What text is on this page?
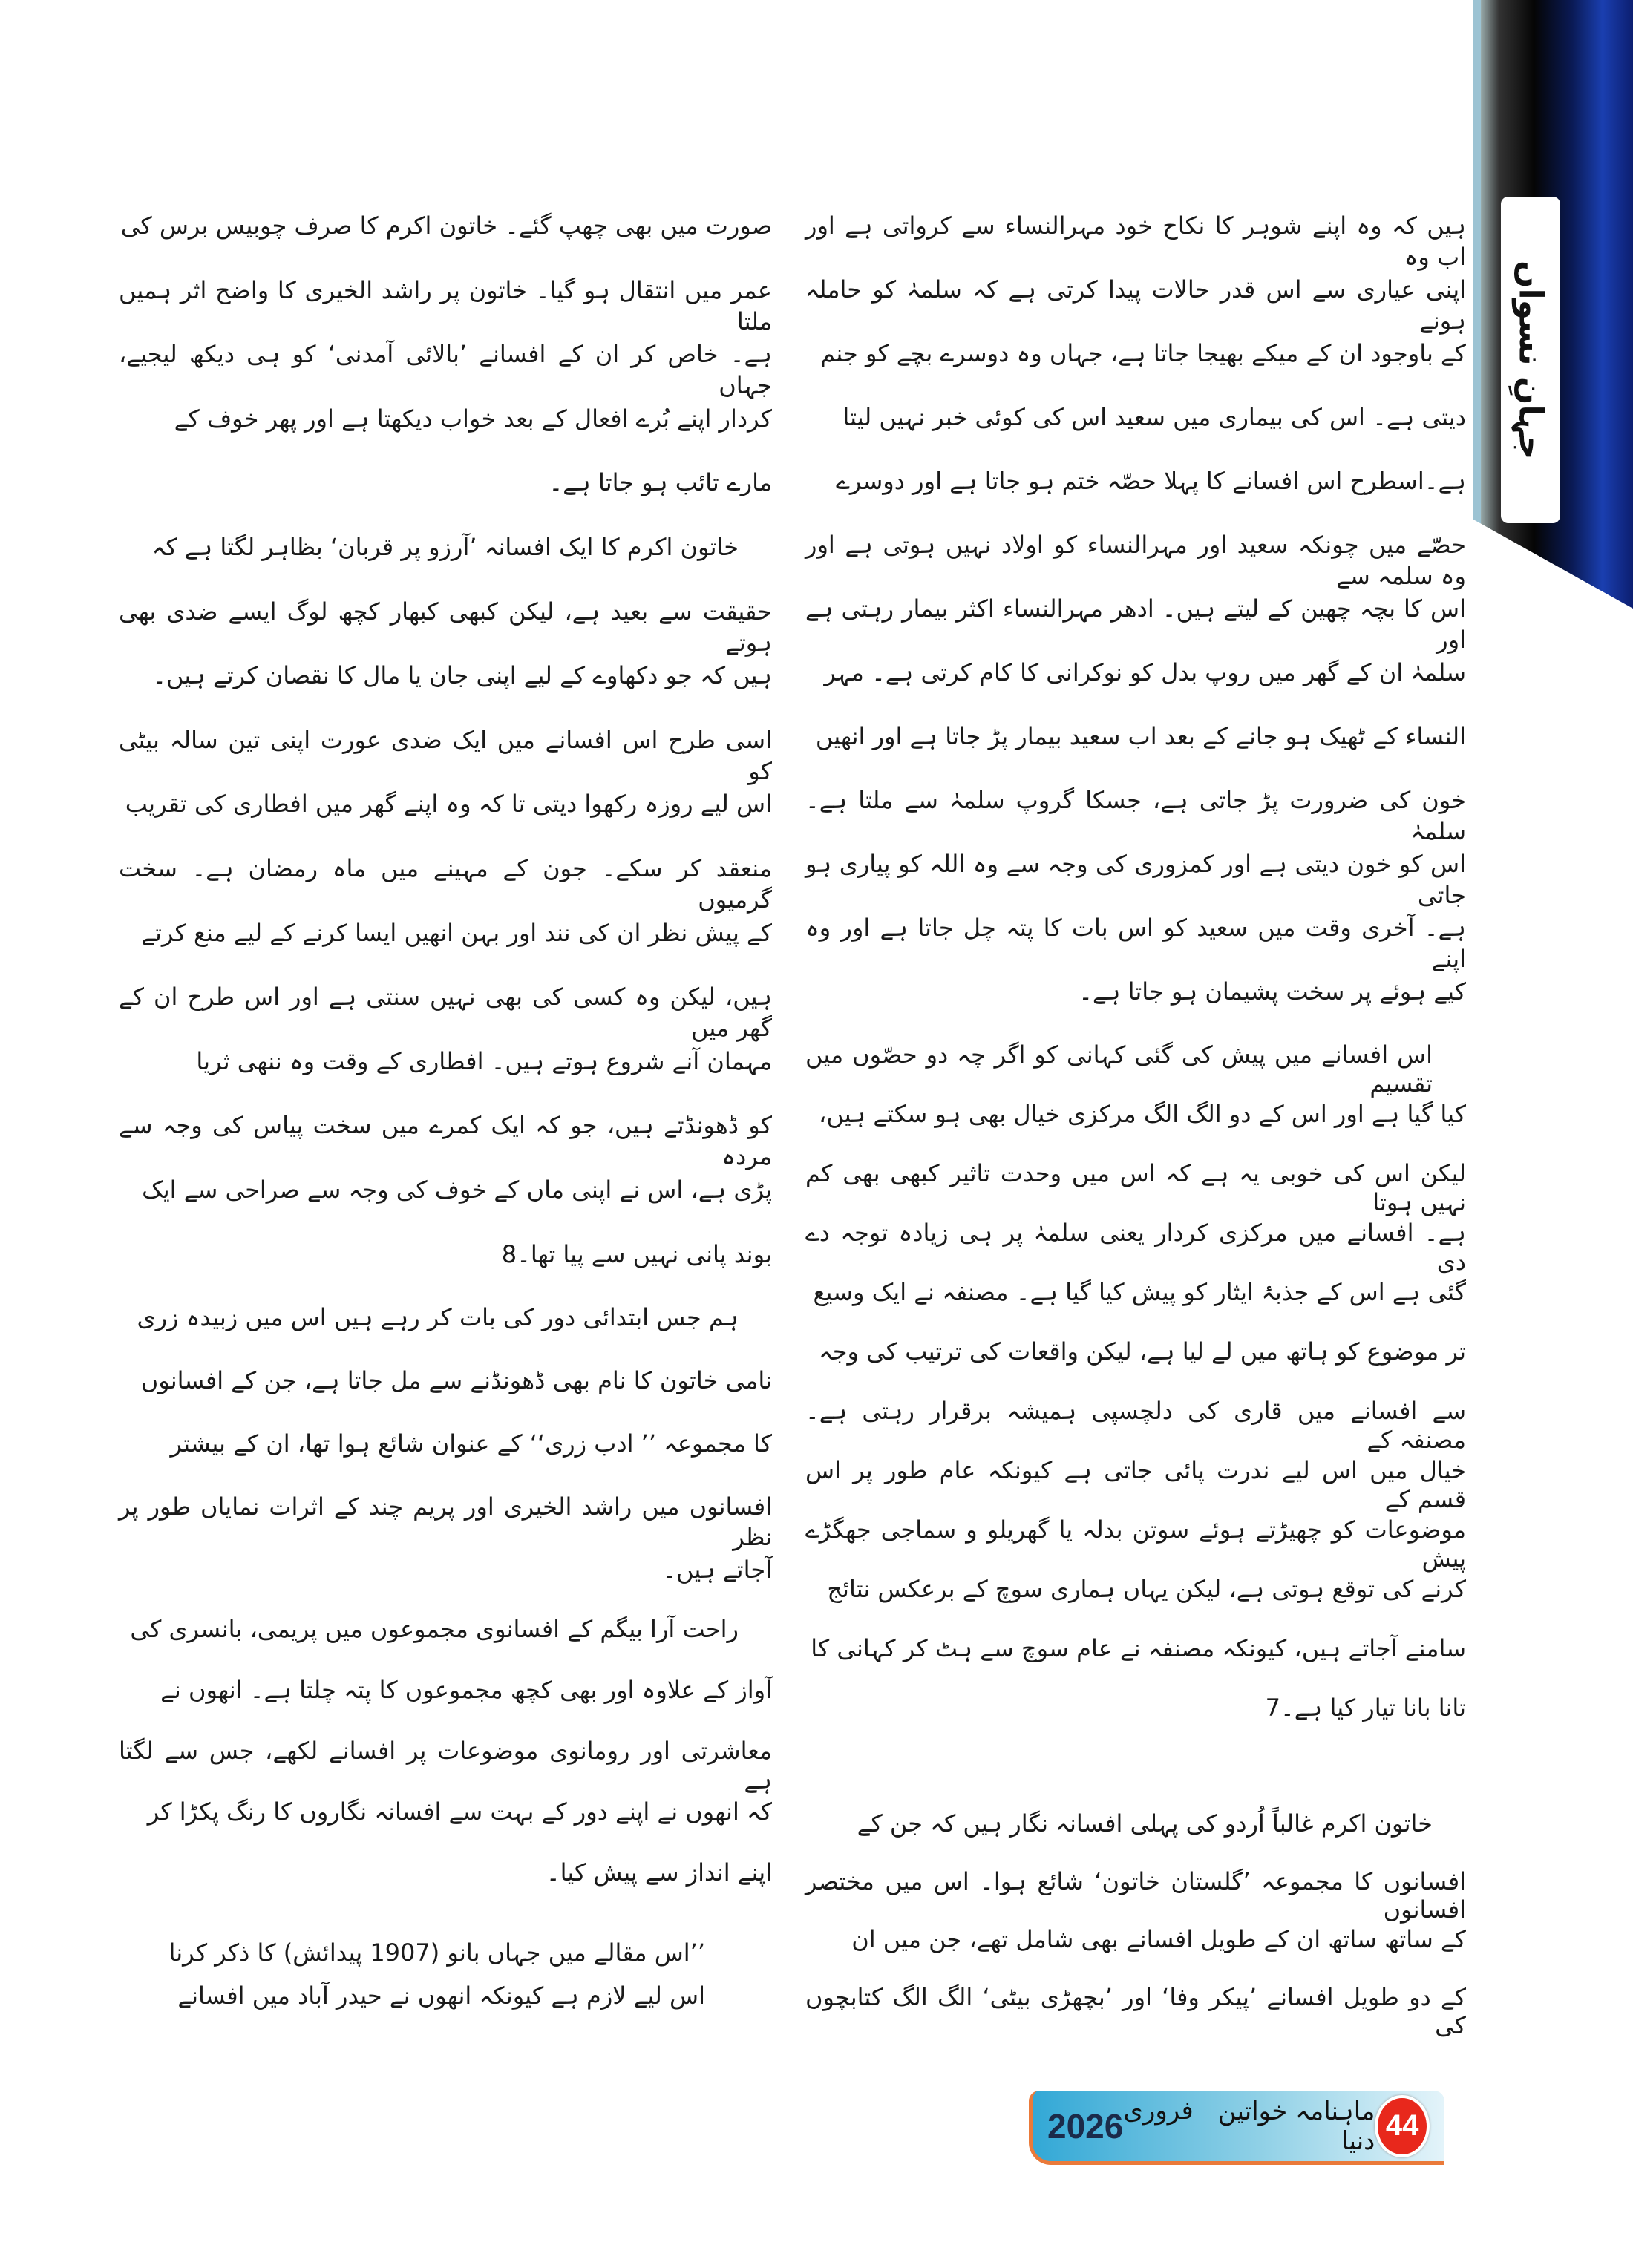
جہانِ نسواں
ہیں کہ وہ اپنے شوہر کا نکاح خود مہرالنساء سے کرواتی ہے اور اب وہ
اپنی عیاری سے اس قدر حالات پیدا کرتی ہے کہ سلمہٰ کو حاملہ ہونے
کے باوجود ان کے میکے بھیجا جاتا ہے، جہاں وہ دوسرے بچے کو جنم
دیتی ہے۔ اس کی بیماری میں سعید اس کی کوئی خبر نہیں لیتا
ہے۔اسطرح اس افسانے کا پہلا حصّہ ختم ہو جاتا ہے اور دوسرے
حصّے میں چونکہ سعید اور مہرالنساء کو اولاد نہیں ہوتی ہے اور وہ سلمہ سے
اس کا بچہ چھین کے لیتے ہیں۔ ادھر مہرالنساء اکثر بیمار رہتی ہے اور
سلمہٰ ان کے گھر میں روپ بدل کو نوکرانی کا کام کرتی ہے۔ مہر
النساء کے ٹھیک ہو جانے کے بعد اب سعید بیمار پڑ جاتا ہے اور انھیں
خون کی ضرورت پڑ جاتی ہے، جسکا گروپ سلمہٰ سے ملتا ہے۔ سلمہٰ
اس کو خون دیتی ہے اور کمزوری کی وجہ سے وہ اللہ کو پیاری ہو جاتی
ہے۔ آخری وقت میں سعید کو اس بات کا پتہ چل جاتا ہے اور وہ اپنے
کیے ہوئے پر سخت پشیمان ہو جاتا ہے۔
اس افسانے میں پیش کی گئی کہانی کو اگر چہ دو حصّوں میں تقسیم
کیا گیا ہے اور اس کے دو الگ الگ مرکزی خیال بھی ہو سکتے ہیں،
لیکن اس کی خوبی یہ ہے کہ اس میں وحدت تاثیر کبھی بھی کم نہیں ہوتا
ہے۔ افسانے میں مرکزی کردار یعنی سلمہٰ پر ہی زیادہ توجہ دے دی
گئی ہے اس کے جذبۂ ایثار کو پیش کیا گیا ہے۔ مصنفہ نے ایک وسیع
تر موضوع کو ہاتھ میں لے لیا ہے، لیکن واقعات کی ترتیب کی وجہ
سے افسانے میں قاری کی دلچسپی ہمیشہ برقرار رہتی ہے۔ مصنفہ کے
خیال میں اس لیے ندرت پائی جاتی ہے کیونکہ عام طور پر اس قسم کے
موضوعات کو چھیڑتے ہوئے سوتن بدلہ یا گھریلو و سماجی جھگڑے پیش
کرنے کی توقع ہوتی ہے، لیکن یہاں ہماری سوچ کے برعکس نتائج
سامنے آجاتے ہیں، کیونکہ مصنفہ نے عام سوچ سے ہٹ کر کہانی کا
تانا بانا تیار کیا ہے۔7
خاتون اکرم غالباً اُردو کی پہلی افسانہ نگار ہیں کہ جن کے
افسانوں کا مجموعہ ’گلستان خاتون‘ شائع ہوا۔ اس میں مختصر افسانوں
کے ساتھ ساتھ ان کے طویل افسانے بھی شامل تھے، جن میں ان
کے دو طویل افسانے ’پیکر وفا‘ اور ’بچھڑی بیٹی‘ الگ الگ کتابچوں کی
صورت میں بھی چھپ گئے۔ خاتون اکرم کا صرف چوبیس برس کی
عمر میں انتقال ہو گیا۔ خاتون پر راشد الخیری کا واضح اثر ہمیں ملتا
ہے۔ خاص کر ان کے افسانے ’بالائی آمدنی‘ کو ہی دیکھ لیجیے، جہاں
کردار اپنے بُرے افعال کے بعد خواب دیکھتا ہے اور پھر خوف کے
مارے تائب ہو جاتا ہے۔
خاتون اکرم کا ایک افسانہ ’آرزو پر قربان‘ بظاہر لگتا ہے کہ
حقیقت سے بعید ہے، لیکن کبھی کبھار کچھ لوگ ایسے ضدی بھی ہوتے
ہیں کہ جو دکھاوے کے لیے اپنی جان یا مال کا نقصان کرتے ہیں۔
اسی طرح اس افسانے میں ایک ضدی عورت اپنی تین سالہ بیٹی کو
اس لیے روزہ رکھوا دیتی تا کہ وہ اپنے گھر میں افطاری کی تقریب
منعقد کر سکے۔ جون کے مہینے میں ماہ رمضان ہے۔ سخت گرمیوں
کے پیش نظر ان کی نند اور بہن انھیں ایسا کرنے کے لیے منع کرتے
ہیں، لیکن وہ کسی کی بھی نہیں سنتی ہے اور اس طرح ان کے گھر میں
مہمان آنے شروع ہوتے ہیں۔ افطاری کے وقت وہ ننھی ثریا
کو ڈھونڈتے ہیں، جو کہ ایک کمرے میں سخت پیاس کی وجہ سے مردہ
پڑی ہے، اس نے اپنی ماں کے خوف کی وجہ سے صراحی سے ایک
بوند پانی نہیں سے پیا تھا۔8
ہم جس ابتدائی دور کی بات کر رہے ہیں اس میں زبیدہ زری
نامی خاتون کا نام بھی ڈھونڈنے سے مل جاتا ہے، جن کے افسانوں
کا مجموعہ ’’ ادب زری‘‘ کے عنوان شائع ہوا تھا، ان کے بیشتر
افسانوں میں راشد الخیری اور پریم چند کے اثرات نمایاں طور پر نظر
آجاتے ہیں۔
راحت آرا بیگم کے افسانوی مجموعوں میں پریمی، بانسری کی
آواز کے علاوہ اور بھی کچھ مجموعوں کا پتہ چلتا ہے۔ انھوں نے
معاشرتی اور رومانوی موضوعات پر افسانے لکھے، جس سے لگتا ہے
کہ انھوں نے اپنے دور کے بہت سے افسانہ نگاروں کا رنگ پکڑا کر
اپنے انداز سے پیش کیا۔
’’اس مقالے میں جہاں بانو (1907 پیدائش) کا ذکر کرنا
اس لیے لازم ہے کیونکہ انھوں نے حیدر آباد میں افسانے
2026	ماہنامہ خواتین دنیا
فروری	44
